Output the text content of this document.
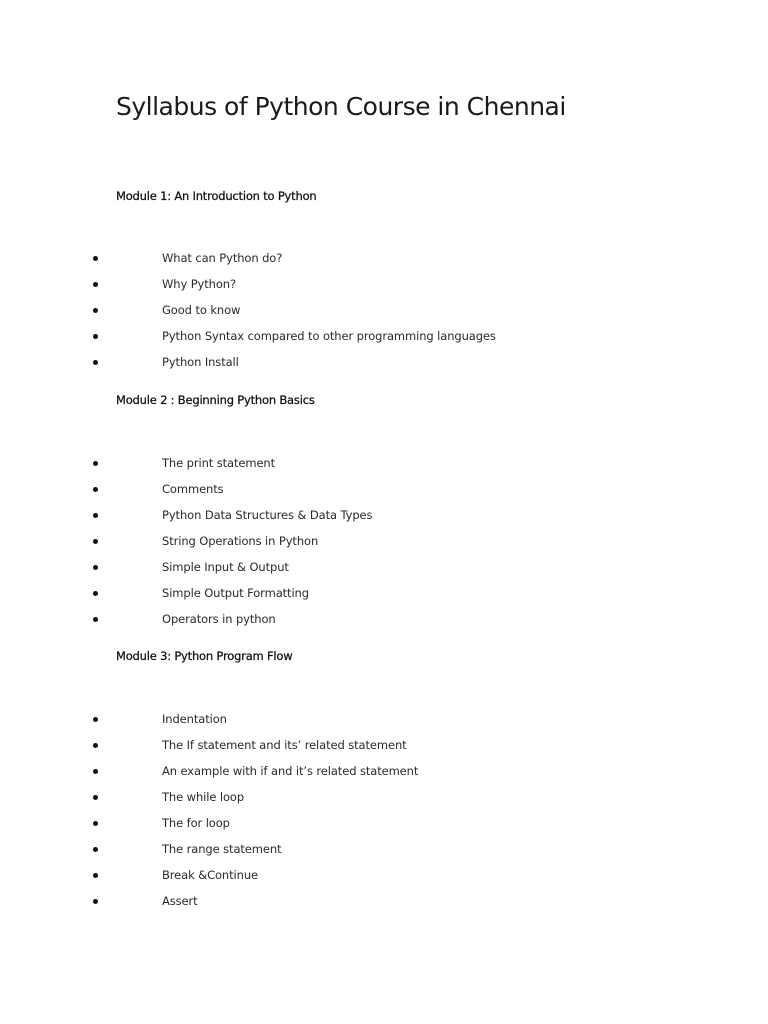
Syllabus of Python Course in Chennai
Module 1: An Introduction to Python
What can Python do?
Why Python?
Good to know
Python Syntax compared to other programming languages
Python Install
Module 2 : Beginning Python Basics
The print statement
Comments
Python Data Structures & Data Types
String Operations in Python
Simple Input & Output
Simple Output Formatting
Operators in python
Module 3: Python Program Flow
Indentation
The If statement and its’ related statement
An example with if and it’s related statement
The while loop
The for loop
The range statement
Break &Continue
Assert
